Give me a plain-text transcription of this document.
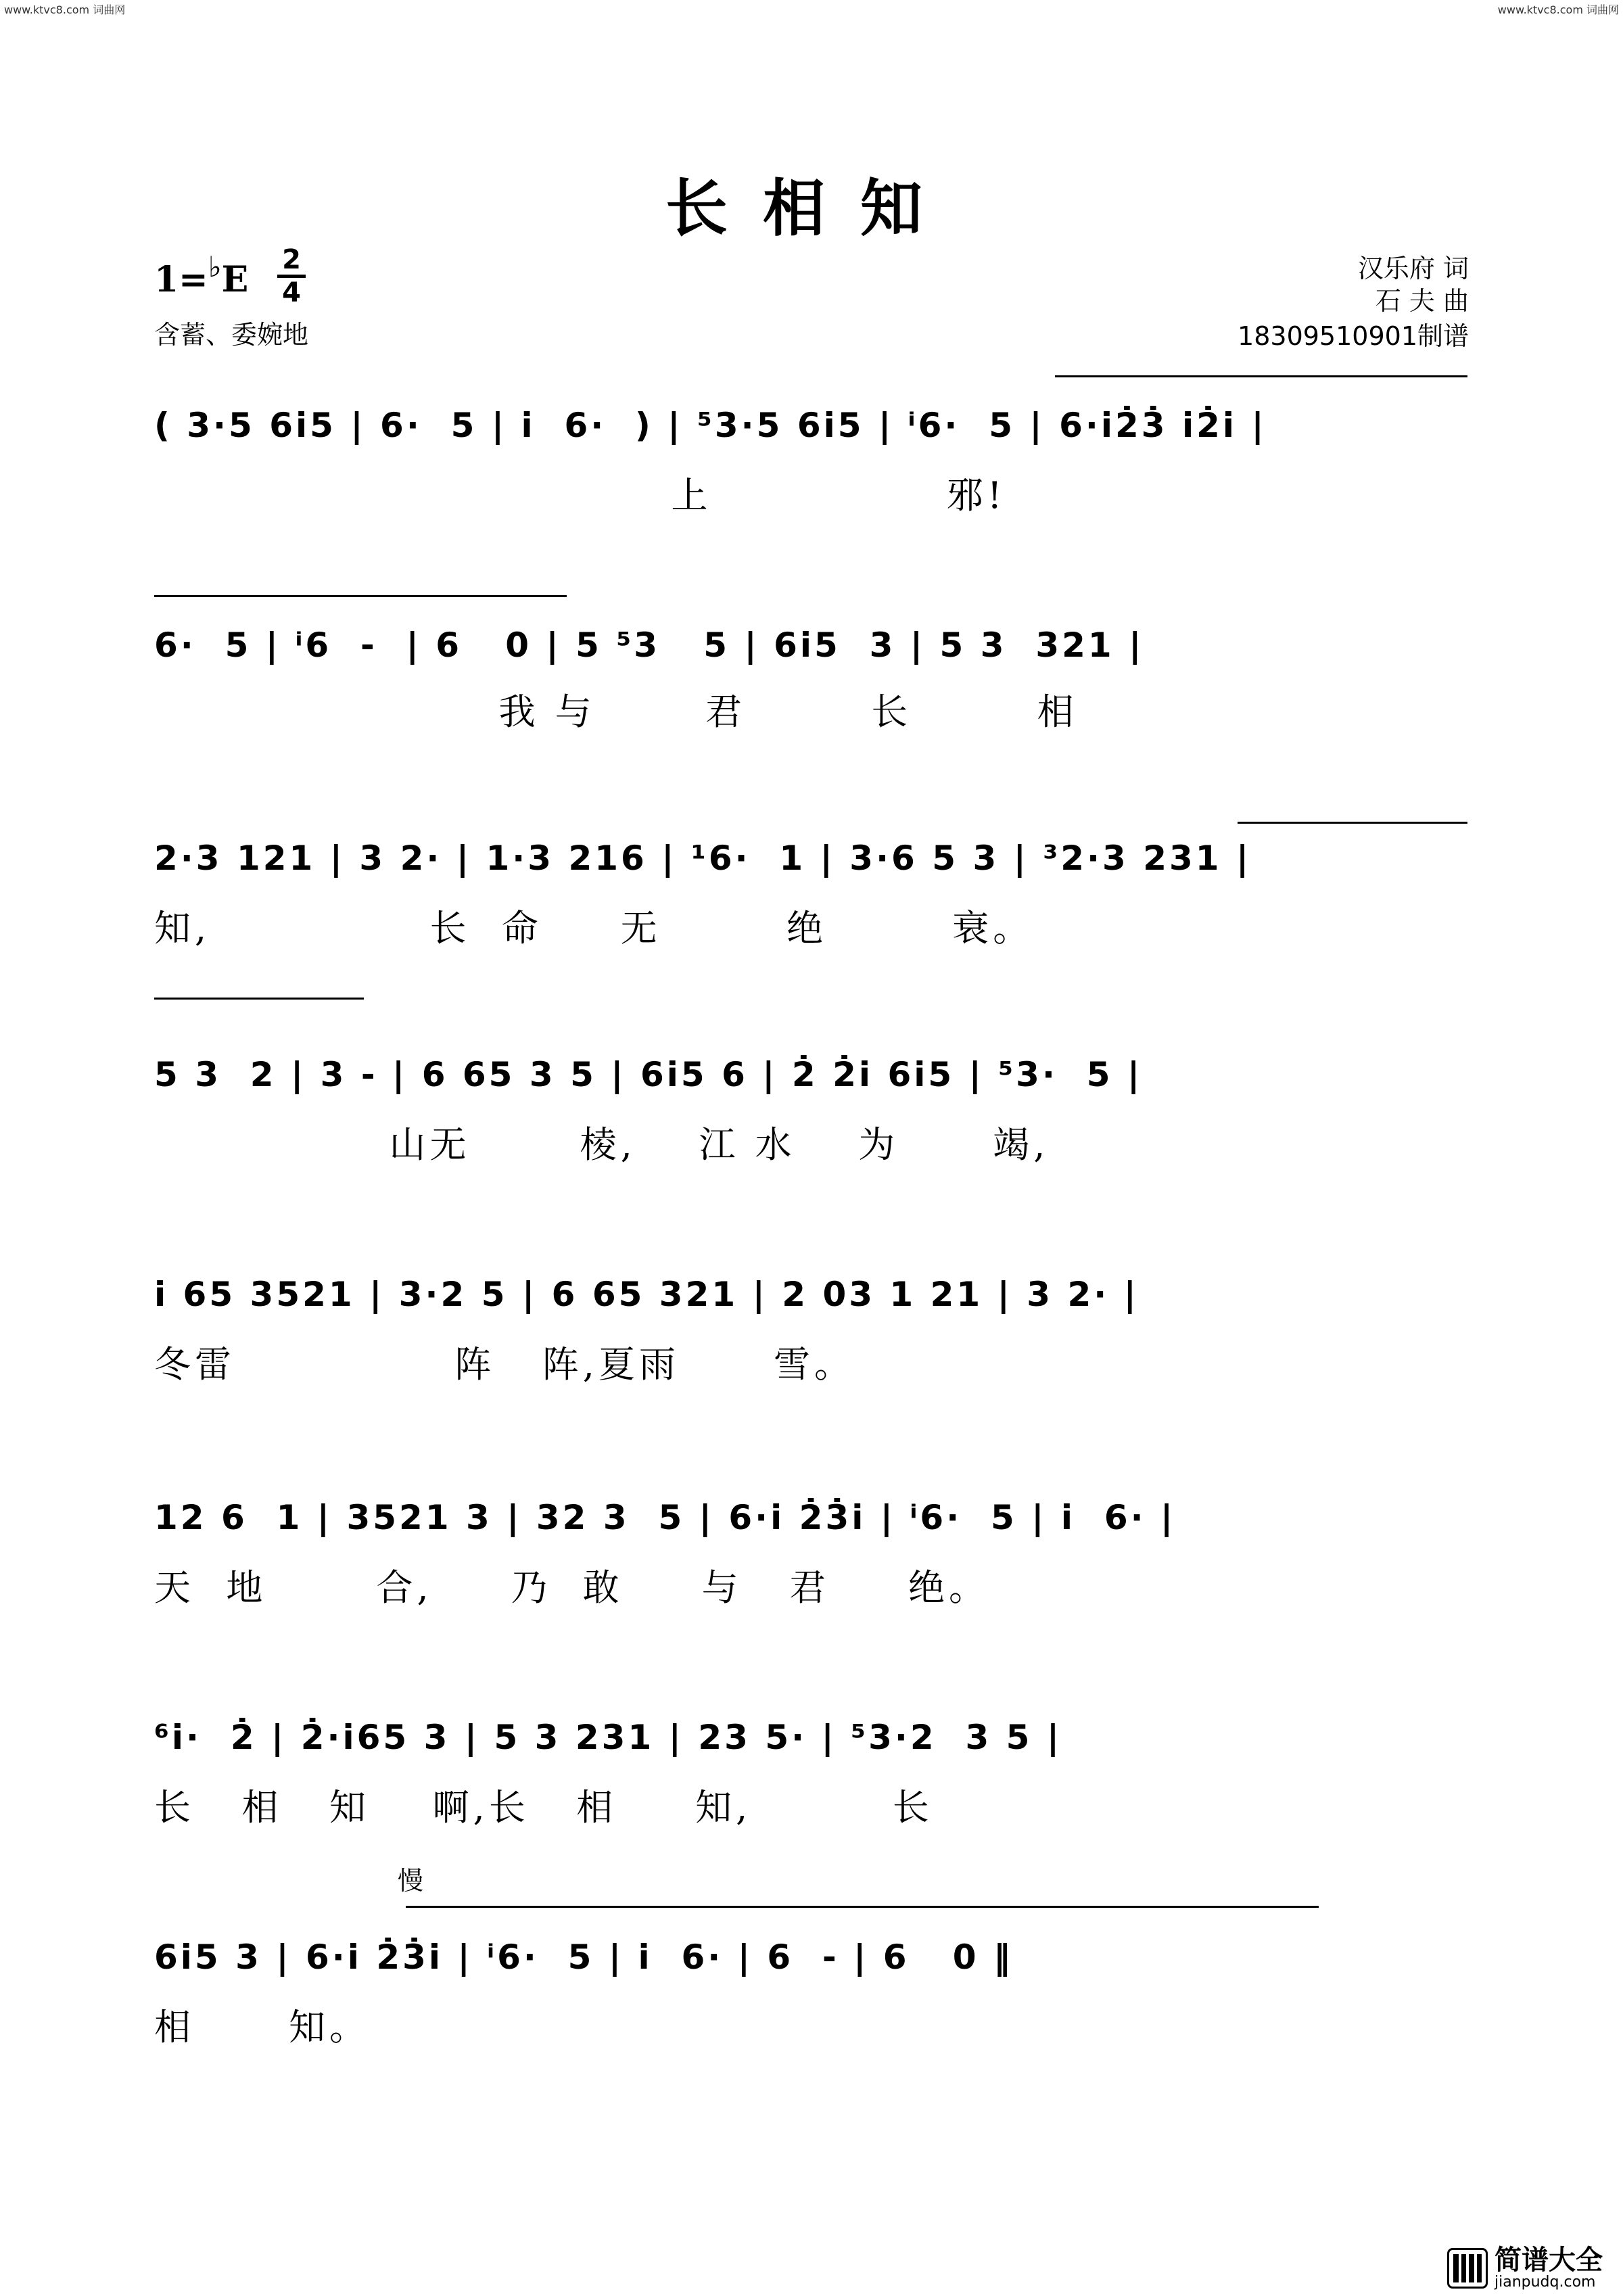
www.ktvc8.com 词曲网	www.ktvc8.com 词曲网
长相知
1=♭E 2
4
含蓄、委婉地
汉乐府 词
石 夫 曲
18309510901制谱
( 3·5 6i5 | 6·  5 | i  6·  ) | ⁵3·5 6i5 | ⁱ6·  5 | 6·i2̇3̇ i2̇i |
上               邪!
6·  5 | ⁱ6  -  | 6   0 | 5 ⁵3   5 | 6i5  3 | 5 3  321 |
我 与       君        长        相
2·3 121 | 3 2· | 1·3 216 | ¹6·  1 | 3·6 5 3 | ³2·3 231 |
知,              长  命     无        绝        衰。
5 3  2 | 3 - | 6 65 3 5 | 6i5 6 | 2̇ 2̇i 6i5 | ⁵3·  5 |
山无       棱,    江 水    为      竭,
i 65 3521 | 3·2 5 | 6 65 321 | 2 03 1 21 | 3 2· |
冬雷              阵   阵,夏雨      雪。
12 6  1 | 3521 3 | 32 3  5 | 6·i 2̇3̇i | ⁱ6·  5 | i  6· |
天  地       合,     乃  敢     与   君     绝。
⁶i·  2̇ | 2̇·i65 3 | 5 3 231 | 23 5· | ⁵3·2  3 5 |
长   相   知    啊,长   相     知,         长
慢
6i5 3 | 6·i 2̇3̇i | ⁱ6·  5 | i  6· | 6  - | 6   0 ‖
相      知。
简谱大全
jianpudq.com
